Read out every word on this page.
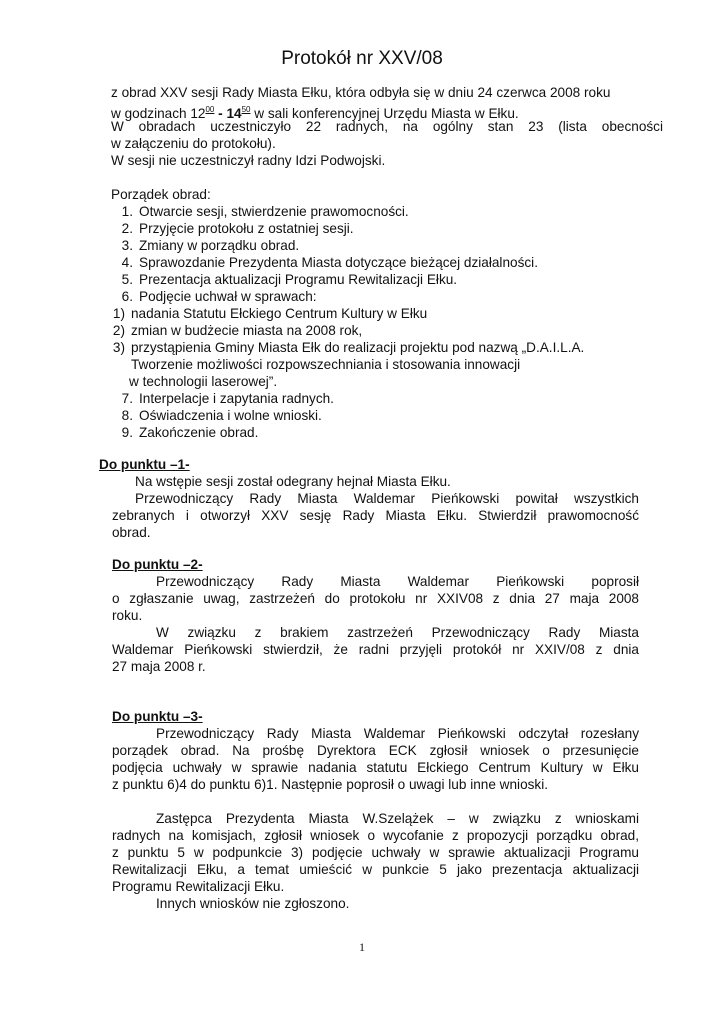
Protokół nr XXV/08
z obrad XXV sesji Rady Miasta Ełku, która odbyła się w dniu 24 czerwca 2008 roku
w godzinach $12^{00} - 14^{50}$ w sali konferencyjnej Urzędu Miasta w Ełku.
W obradach uczestniczyło 22 radnych, na ogólny stan 23 (lista obecności
w załączeniu do protokołu).
W sesji nie uczestniczył radny Idzi Podwojski.
Porządek obrad:
1. Otwarcie sesji, stwierdzenie prawomocności.
2. Przyjęcie protokołu z ostatniej sesji.
3. Zmiany w porządku obrad.
4. Sprawozdanie Prezydenta Miasta dotyczące bieżącej działalności.
5. Prezentacja aktualizacji Programu Rewitalizacji Ełku.
6. Podjęcie uchwał w sprawach:
1) nadania Statutu Ełckiego Centrum Kultury w Ełku
2) zmian w budżecie miasta na 2008 rok,
3) przystąpienia Gminy Miasta Ełk do realizacji projektu pod nazwą „D.A.I.L.A.
Tworzenie możliwości rozpowszechniania i stosowania innowacji
w technologii laserowej”.
7. Interpelacje i zapytania radnych.
8. Oświadczenia i wolne wnioski.
9. Zakończenie obrad.
Do punktu –1-
Na wstępie sesji został odegrany hejnał Miasta Ełku.
Przewodniczący Rady Miasta Waldemar Pieńkowski powitał wszystkich
zebranych i otworzył XXV sesję Rady Miasta Ełku. Stwierdził prawomocność
obrad.
Do punktu –2-
Przewodniczący Rady Miasta Waldemar Pieńkowski poprosił
o zgłaszanie uwag, zastrzeżeń do protokołu nr XXIV08 z dnia 27 maja 2008
roku.
W związku z brakiem zastrzeżeń Przewodniczący Rady Miasta
Waldemar Pieńkowski stwierdził, że radni przyjęli protokół nr XXIV/08 z dnia
27 maja 2008 r.
Do punktu –3-
Przewodniczący Rady Miasta Waldemar Pieńkowski odczytał rozesłany
porządek obrad. Na prośbę Dyrektora ECK zgłosił wniosek o przesunięcie
podjęcia uchwały w sprawie nadania statutu Ełckiego Centrum Kultury w Ełku
z punktu 6)4 do punktu 6)1. Następnie poprosił o uwagi lub inne wnioski.
Zastępca Prezydenta Miasta W.Szelążek – w związku z wnioskami
radnych na komisjach, zgłosił wniosek o wycofanie z propozycji porządku obrad,
z punktu 5 w podpunkcie 3) podjęcie uchwały w sprawie aktualizacji Programu
Rewitalizacji Ełku, a temat umieścić w punkcie 5 jako prezentacja aktualizacji
Programu Rewitalizacji Ełku.
Innych wniosków nie zgłoszono.
1
